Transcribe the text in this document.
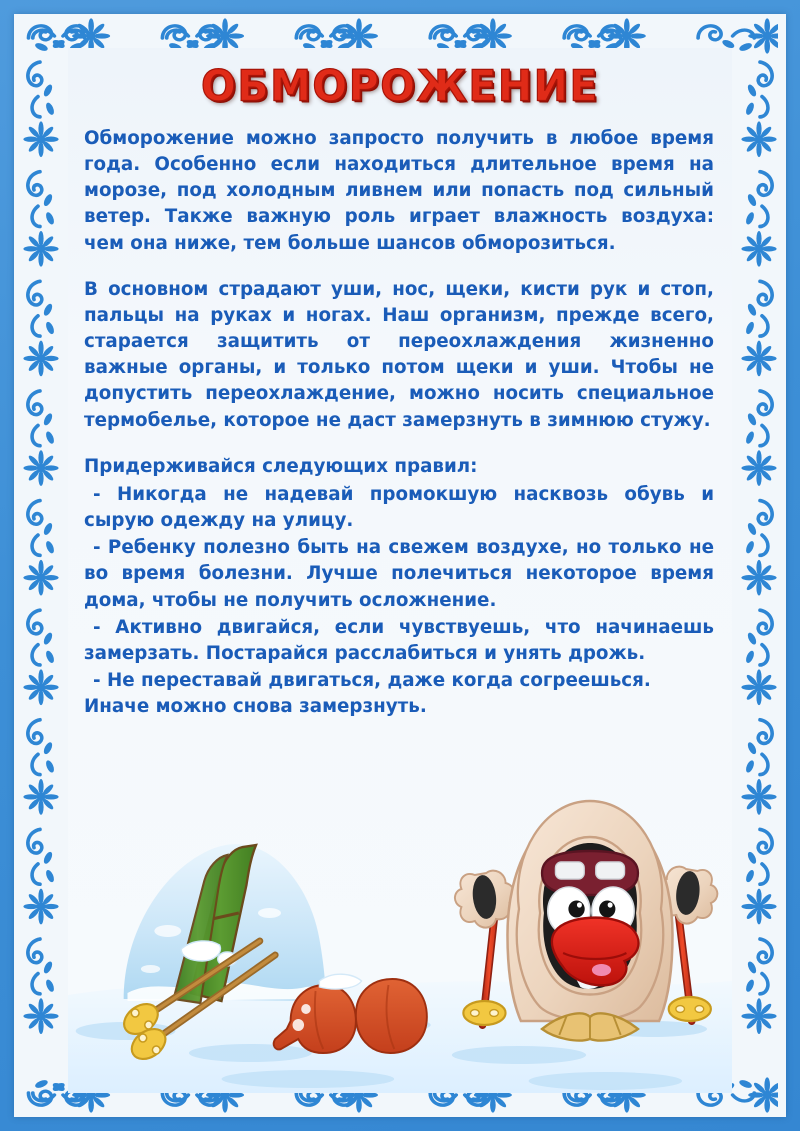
ОБМОРОЖЕНИЕ

Обморожение можно запросто получить в любое время года. Особенно если находиться длительное время на морозе, под холодным ливнем или попасть под сильный ветер. Также важную роль играет влажность воздуха: чем она ниже, тем больше шансов обморозиться.

В основном страдают уши, нос, щеки, кисти рук и стоп, пальцы на руках и ногах. Наш организм, прежде всего, старается защитить от переохлаждения жизненно важные органы, и только потом щеки и уши. Чтобы не допустить переохлаждение, можно носить специальное термобелье, которое не даст замерзнуть в зимнюю стужу.

Придерживайся следующих правил:

- Никогда не надевай промокшую насквозь обувь и сырую одежду на улицу.

- Ребенку полезно быть на свежем воздухе, но только не во время болезни. Лучше полечиться некоторое время дома, чтобы не получить осложнение.

- Активно двигайся, если чувствуешь, что начинаешь замерзать. Постарайся расслабиться и унять дрожь.

- Не переставай двигаться, даже когда согреешься. Иначе можно снова замерзнуть.
